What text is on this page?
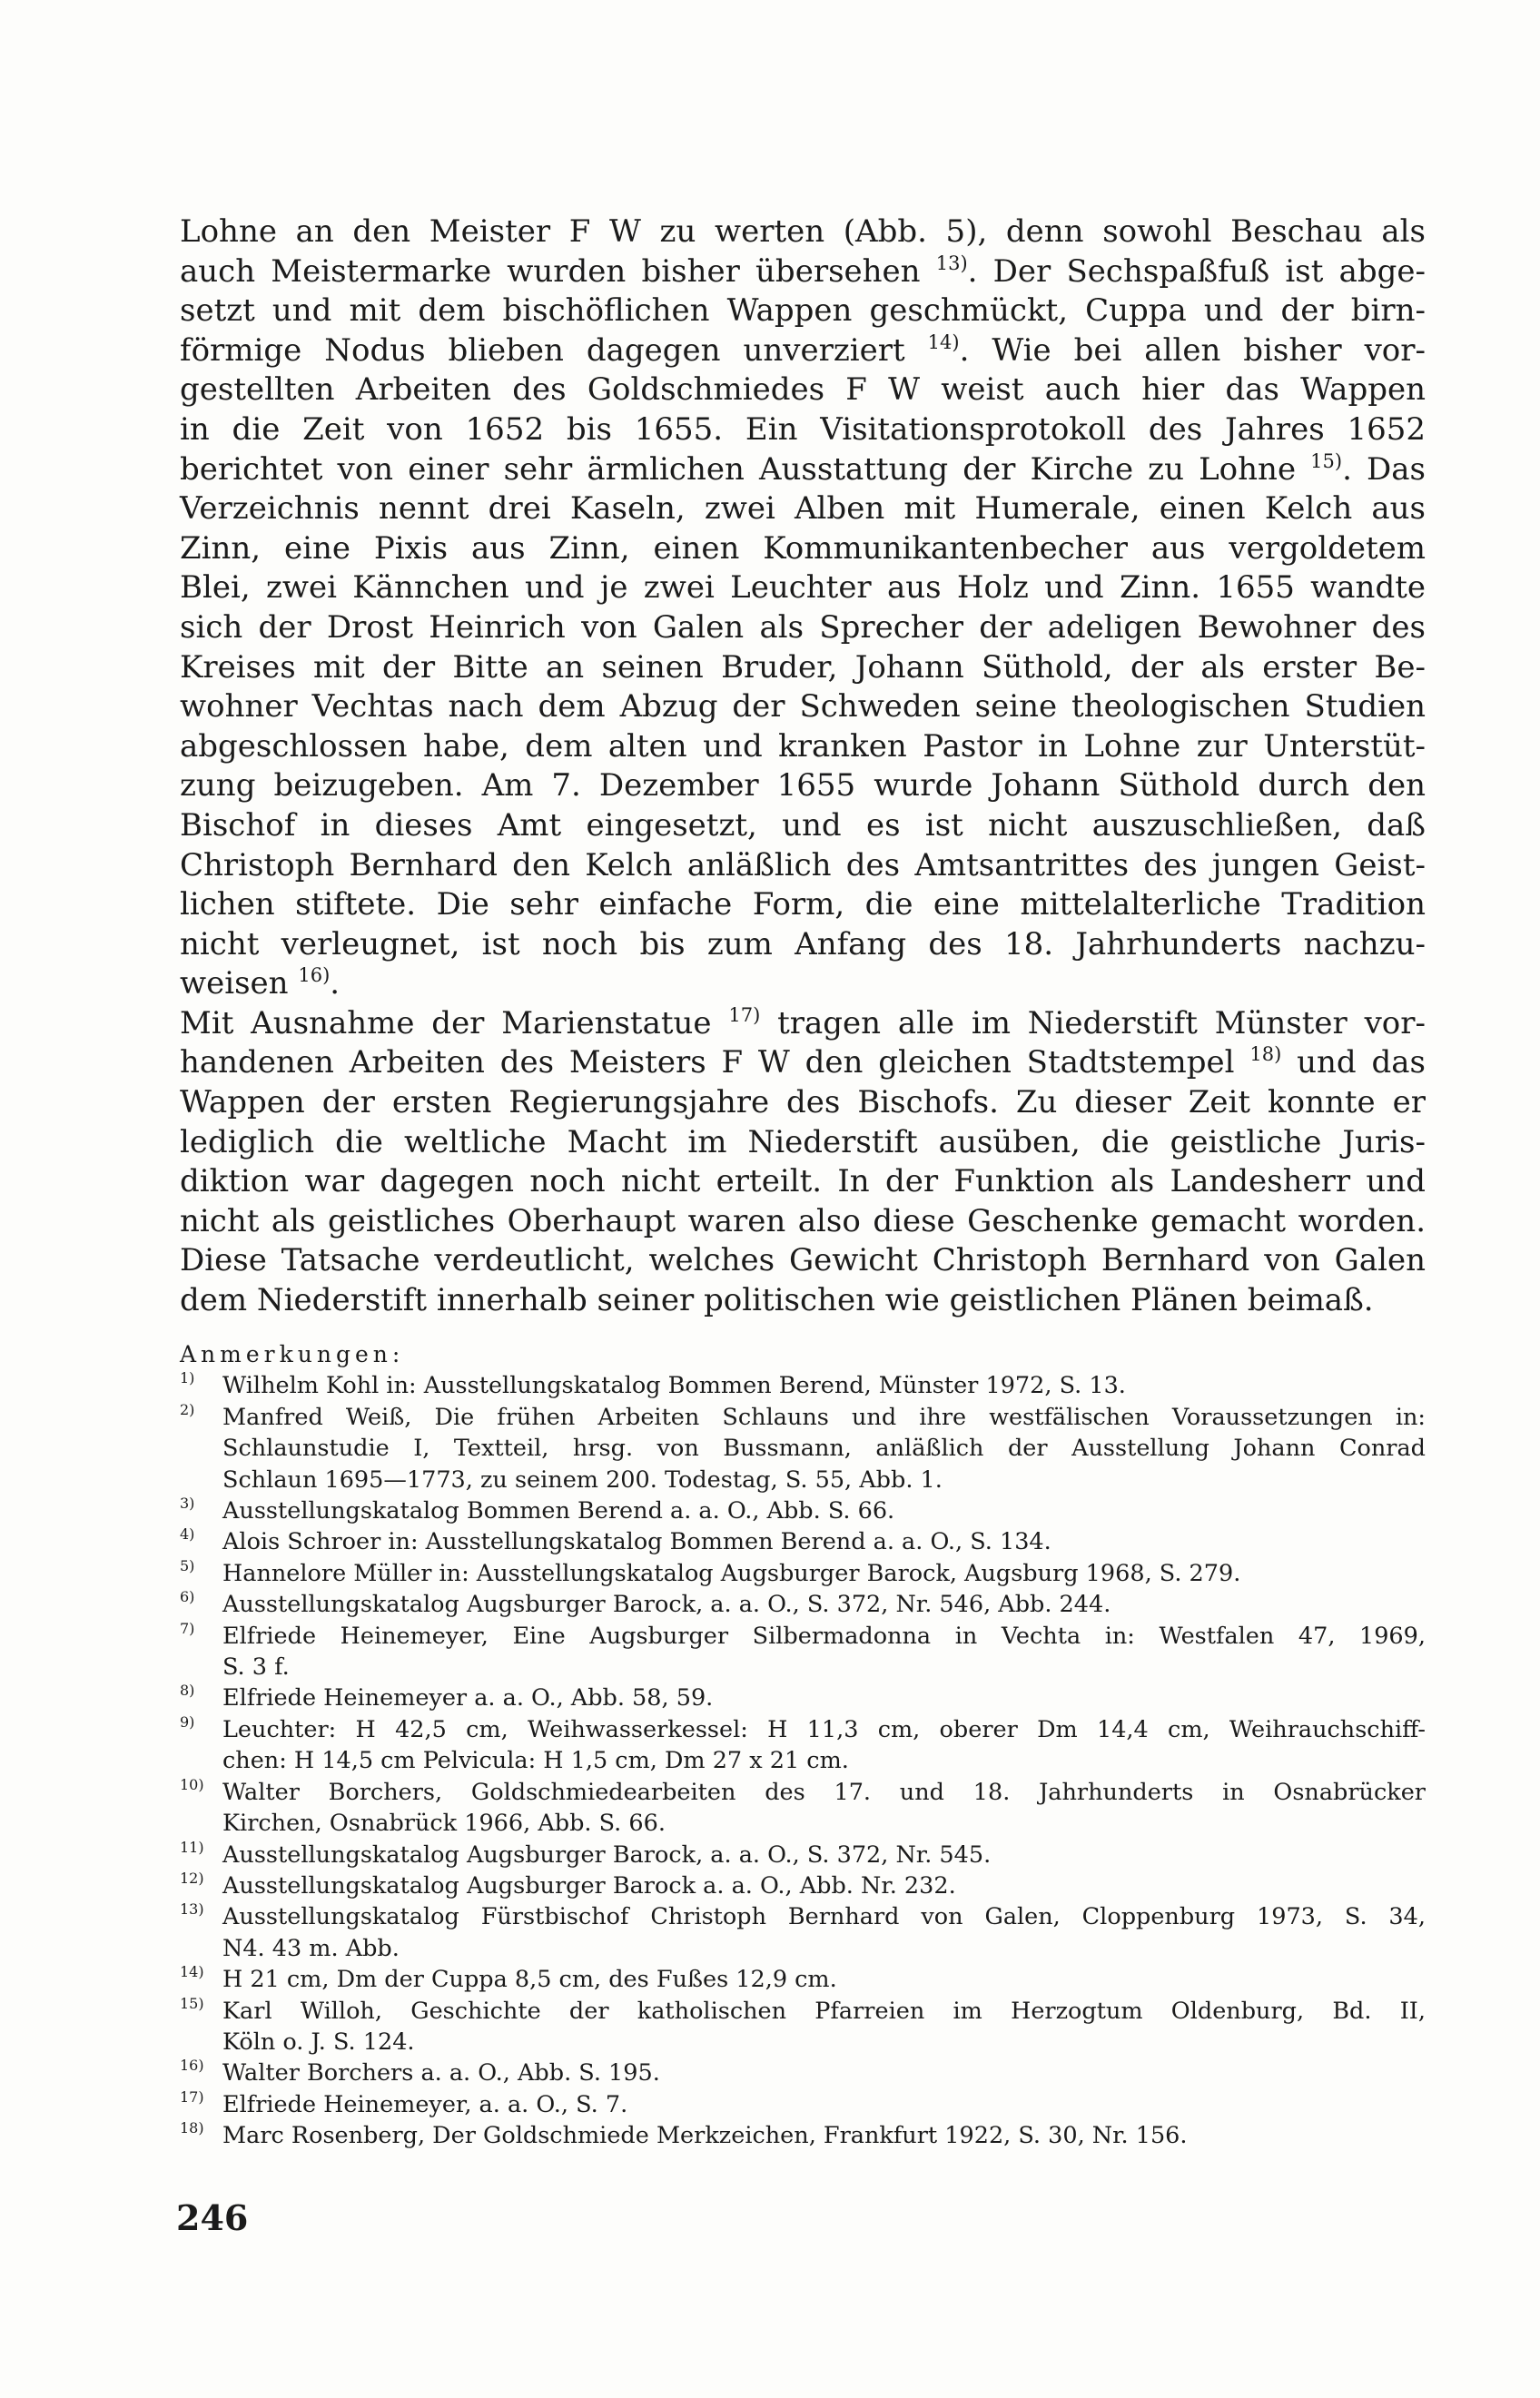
Lohne an den Meister F W zu werten (Abb. 5), denn sowohl Beschau als
auch Meistermarke wurden bisher übersehen $^{13)}$. Der Sechspaßfuß ist abge-
setzt und mit dem bischöflichen Wappen geschmückt, Cuppa und der birn-
förmige Nodus blieben dagegen unverziert $^{14)}$. Wie bei allen bisher vor-
gestellten Arbeiten des Goldschmiedes F W weist auch hier das Wappen
in die Zeit von 1652 bis 1655. Ein Visitationsprotokoll des Jahres 1652
berichtet von einer sehr ärmlichen Ausstattung der Kirche zu Lohne $^{15)}$. Das
Verzeichnis nennt drei Kaseln, zwei Alben mit Humerale, einen Kelch aus
Zinn, eine Pixis aus Zinn, einen Kommunikantenbecher aus vergoldetem
Blei, zwei Kännchen und je zwei Leuchter aus Holz und Zinn. 1655 wandte
sich der Drost Heinrich von Galen als Sprecher der adeligen Bewohner des
Kreises mit der Bitte an seinen Bruder, Johann Süthold, der als erster Be-
wohner Vechtas nach dem Abzug der Schweden seine theologischen Studien
abgeschlossen habe, dem alten und kranken Pastor in Lohne zur Unterstüt-
zung beizugeben. Am 7. Dezember 1655 wurde Johann Süthold durch den
Bischof in dieses Amt eingesetzt, und es ist nicht auszuschließen, daß
Christoph Bernhard den Kelch anläßlich des Amtsantrittes des jungen Geist-
lichen stiftete. Die sehr einfache Form, die eine mittelalterliche Tradition
nicht verleugnet, ist noch bis zum Anfang des 18. Jahrhunderts nachzu-
weisen $^{16)}$.
Mit Ausnahme der Marienstatue $^{17)}$ tragen alle im Niederstift Münster vor-
handenen Arbeiten des Meisters F W den gleichen Stadtstempel $^{18)}$ und das
Wappen der ersten Regierungsjahre des Bischofs. Zu dieser Zeit konnte er
lediglich die weltliche Macht im Niederstift ausüben, die geistliche Juris-
diktion war dagegen noch nicht erteilt. In der Funktion als Landesherr und
nicht als geistliches Oberhaupt waren also diese Geschenke gemacht worden.
Diese Tatsache verdeutlicht, welches Gewicht Christoph Bernhard von Galen
dem Niederstift innerhalb seiner politischen wie geistlichen Plänen beimaß.
Anmerkungen:
1)	Wilhelm Kohl in: Ausstellungskatalog Bommen Berend, Münster 1972, S. 13.
2)	Manfred Weiß, Die frühen Arbeiten Schlauns und ihre westfälischen Voraussetzungen in:
Schlaunstudie I, Textteil, hrsg. von Bussmann, anläßlich der Ausstellung Johann Conrad
Schlaun 1695—1773, zu seinem 200. Todestag, S. 55, Abb. 1.
3)	Ausstellungskatalog Bommen Berend a. a. O., Abb. S. 66.
4)	Alois Schroer in: Ausstellungskatalog Bommen Berend a. a. O., S. 134.
5)	Hannelore Müller in: Ausstellungskatalog Augsburger Barock, Augsburg 1968, S. 279.
6)	Ausstellungskatalog Augsburger Barock, a. a. O., S. 372, Nr. 546, Abb. 244.
7)	Elfriede Heinemeyer, Eine Augsburger Silbermadonna in Vechta in: Westfalen 47, 1969,
S. 3 f.
8)	Elfriede Heinemeyer a. a. O., Abb. 58, 59.
9)	Leuchter: H 42,5 cm, Weihwasserkessel: H 11,3 cm, oberer Dm 14,4 cm, Weihrauchschiff-
chen: H 14,5 cm Pelvicula: H 1,5 cm, Dm 27 x 21 cm.
10) Walter Borchers, Goldschmiedearbeiten des 17. und 18. Jahrhunderts in Osnabrücker
Kirchen, Osnabrück 1966, Abb. S. 66.
11) Ausstellungskatalog Augsburger Barock, a. a. O., S. 372, Nr. 545.
12) Ausstellungskatalog Augsburger Barock a. a. O., Abb. Nr. 232.
13) Ausstellungskatalog Fürstbischof Christoph Bernhard von Galen, Cloppenburg 1973, S. 34,
N4. 43 m. Abb.
14) H 21 cm, Dm der Cuppa 8,5 cm, des Fußes 12,9 cm.
15) Karl Willoh, Geschichte der katholischen Pfarreien im Herzogtum Oldenburg, Bd. II,
Köln o. J. S. 124.
16) Walter Borchers a. a. O., Abb. S. 195.
17) Elfriede Heinemeyer, a. a. O., S. 7.
18) Marc Rosenberg, Der Goldschmiede Merkzeichen, Frankfurt 1922, S. 30, Nr. 156.
246
